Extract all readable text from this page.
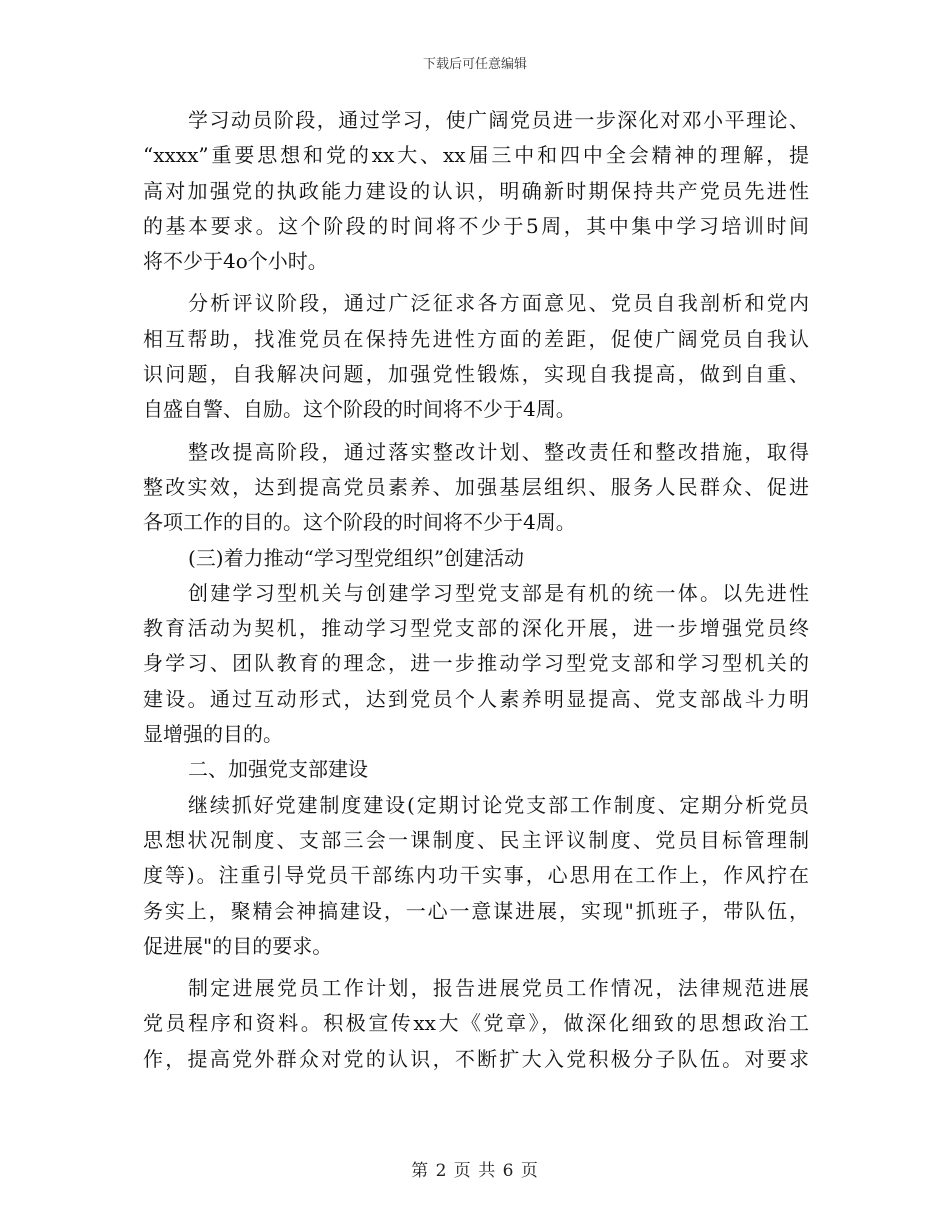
下载后可任意编辑
学习动员阶段，通过学习，使广阔党员进一步深化对邓小平理论、
“xxxx”重要思想和党的xx大、xx届三中和四中全会精神的理解，提
高对加强党的执政能力建设的认识，明确新时期保持共产党员先进性
的基本要求。这个阶段的时间将不少于5周，其中集中学习培训时间
将不少于4o个小时。
分析评议阶段，通过广泛征求各方面意见、党员自我剖析和党内
相互帮助，找准党员在保持先进性方面的差距，促使广阔党员自我认
识问题，自我解决问题，加强党性锻炼，实现自我提高，做到自重、
自盛自警、自励。这个阶段的时间将不少于4周。
整改提高阶段，通过落实整改计划、整改责任和整改措施，取得
整改实效，达到提高党员素养、加强基层组织、服务人民群众、促进
各项工作的目的。这个阶段的时间将不少于4周。
(三)着力推动“学习型党组织”创建活动
创建学习型机关与创建学习型党支部是有机的统一体。以先进性
教育活动为契机，推动学习型党支部的深化开展，进一步增强党员终
身学习、团队教育的理念，进一步推动学习型党支部和学习型机关的
建设。通过互动形式，达到党员个人素养明显提高、党支部战斗力明
显增强的目的。
二、加强党支部建设
继续抓好党建制度建设(定期讨论党支部工作制度、定期分析党员
思想状况制度、支部三会一课制度、民主评议制度、党员目标管理制
度等)。注重引导党员干部练内功干实事，心思用在工作上，作风拧在
务实上，聚精会神搞建设，一心一意谋进展，实现"抓班子，带队伍，
促进展"的目的要求。
制定进展党员工作计划，报告进展党员工作情况，法律规范进展
党员程序和资料。积极宣传xx大《党章》，做深化细致的思想政治工
作，提高党外群众对党的认识，不断扩大入党积极分子队伍。对要求
第 2 页 共 6 页
